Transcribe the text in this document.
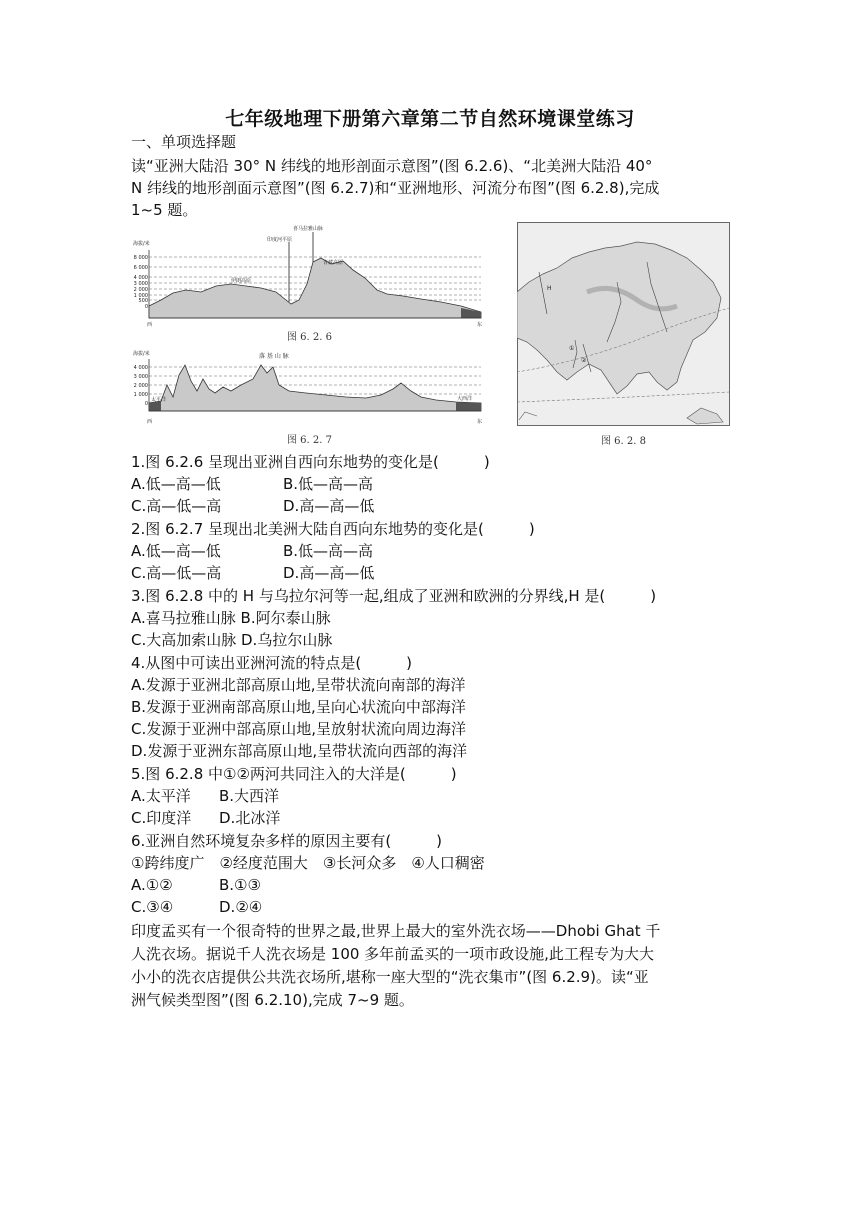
七年级地理下册第六章第二节自然环境课堂练习
一、单项选择题
读“亚洲大陆沿 30° N 纬线的地形剖面示意图”(图 6.2.6)、“北美洲大陆沿 40°
N 纬线的地形剖面示意图”(图 6.2.7)和“亚洲地形、河流分布图”(图 6.2.8),完成
1~5 题。
海拔/米
8 000
6 000
4 000
3 000
2 000
1 000
500
0
喜马拉雅山脉
印度河平原
青藏高原
伊朗高原
西	东
图 6. 2. 6
海拔/米
4 000
3 000
2 000
1 000
0
落 基 山 脉
太平洋	大西洋
西	东
图 6. 2. 7
H
①
②
图 6. 2. 8
1.图 6.2.6 呈现出亚洲自西向东地势的变化是(　　　)
A.低—高—低	B.低—高—高
C.高—低—高	D.高—高—低
2.图 6.2.7 呈现出北美洲大陆自西向东地势的变化是(　　　)
A.低—高—低	B.低—高—高
C.高—低—高	D.高—高—低
3.图 6.2.8 中的 H 与乌拉尔河等一起,组成了亚洲和欧洲的分界线,H 是(　　　)
A.喜马拉雅山脉 B.阿尔泰山脉
C.大高加索山脉 D.乌拉尔山脉
4.从图中可读出亚洲河流的特点是(　　　)
A.发源于亚洲北部高原山地,呈带状流向南部的海洋
B.发源于亚洲南部高原山地,呈向心状流向中部海洋
C.发源于亚洲中部高原山地,呈放射状流向周边海洋
D.发源于亚洲东部高原山地,呈带状流向西部的海洋
5.图 6.2.8 中①②两河共同注入的大洋是(　　　)
A.太平洋 B.大西洋
C.印度洋 D.北冰洋
6.亚洲自然环境复杂多样的原因主要有(　　　)
①跨纬度广　②经度范围大　③长河众多　④人口稠密
A.①②	B.①③
C.③④	D.②④
印度孟买有一个很奇特的世界之最,世界上最大的室外洗衣场——Dhobi Ghat 千
人洗衣场。据说千人洗衣场是 100 多年前孟买的一项市政设施,此工程专为大大
小小的洗衣店提供公共洗衣场所,堪称一座大型的“洗衣集市”(图 6.2.9)。读“亚
洲气候类型图”(图 6.2.10),完成 7~9 题。
